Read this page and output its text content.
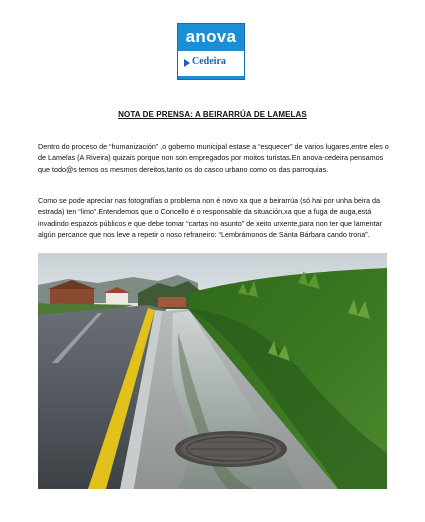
anova
Cedeira
NOTA DE PRENSA: A BEIRARRÚA DE LAMELAS

Dentro do proceso de “humanización” ,o goberno municipal estase a “esquecer” de varios lugares,entre eles o de Lamelas (A Riveira) quizais porque non son empregados por moitos turistas.En anova-cedeira pensamos que todo@s temos os mesmos dereitos,tanto os do casco urbano como os das parroquias.

Como se pode apreciar nas fotografías o problema non é novo xa que a beirarrúa (só hai por unha beira da estrada) ten “limo”.Entendemos que o Concello é o responsable da situación,xa que a fuga de auga,está invadindo espazos públicos e que debe tomar “cartas no asunto” de xeito urxente,para non ter que lamentar algún percance que nos leve a repetir o noso refraneiro: “Lembrámonos de Santa Bárbara cando trona”.
